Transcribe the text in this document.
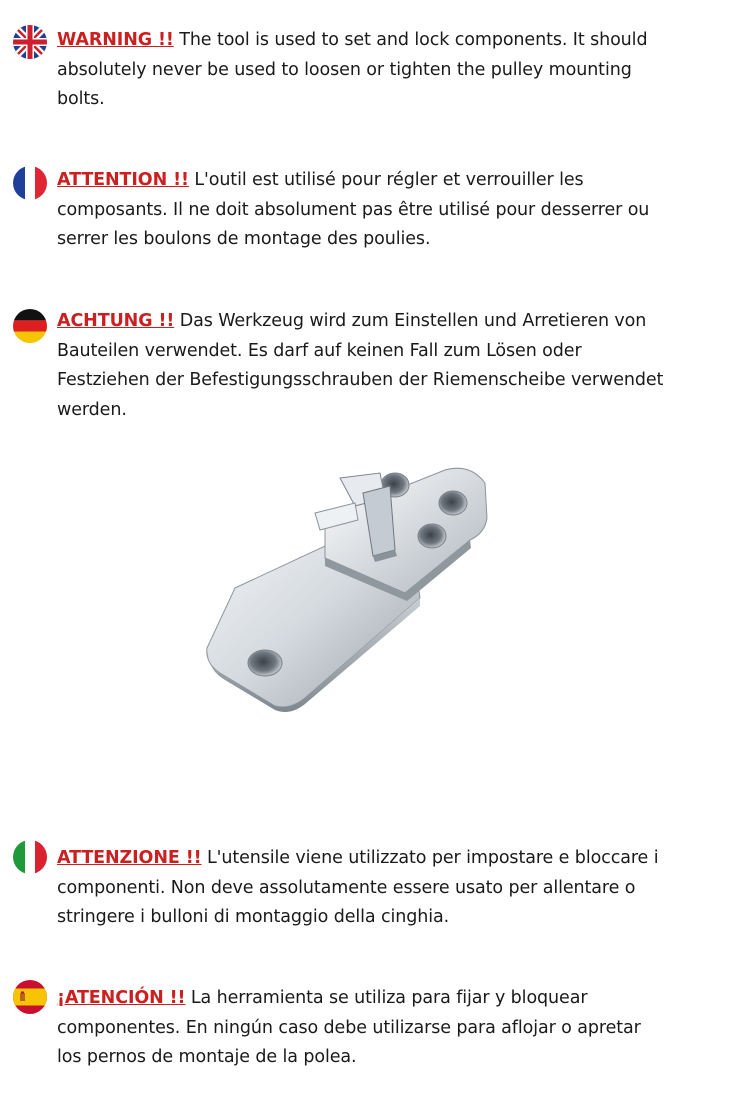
WARNING !! The tool is used to set and lock components. It should
absolutely never be used to loosen or tighten the pulley mounting
bolts.
ATTENTION !! L'outil est utilisé pour régler et verrouiller les
composants. Il ne doit absolument pas être utilisé pour desserrer ou
serrer les boulons de montage des poulies.
ACHTUNG !! Das Werkzeug wird zum Einstellen und Arretieren von
Bauteilen verwendet. Es darf auf keinen Fall zum Lösen oder
Festziehen der Befestigungsschrauben der Riemenscheibe verwendet
werden.
ATTENZIONE !! L'utensile viene utilizzato per impostare e bloccare i
componenti. Non deve assolutamente essere usato per allentare o
stringere i bulloni di montaggio della cinghia.
¡ATENCIÓN !! La herramienta se utiliza para fijar y bloquear
componentes. En ningún caso debe utilizarse para aflojar o apretar
los pernos de montaje de la polea.
